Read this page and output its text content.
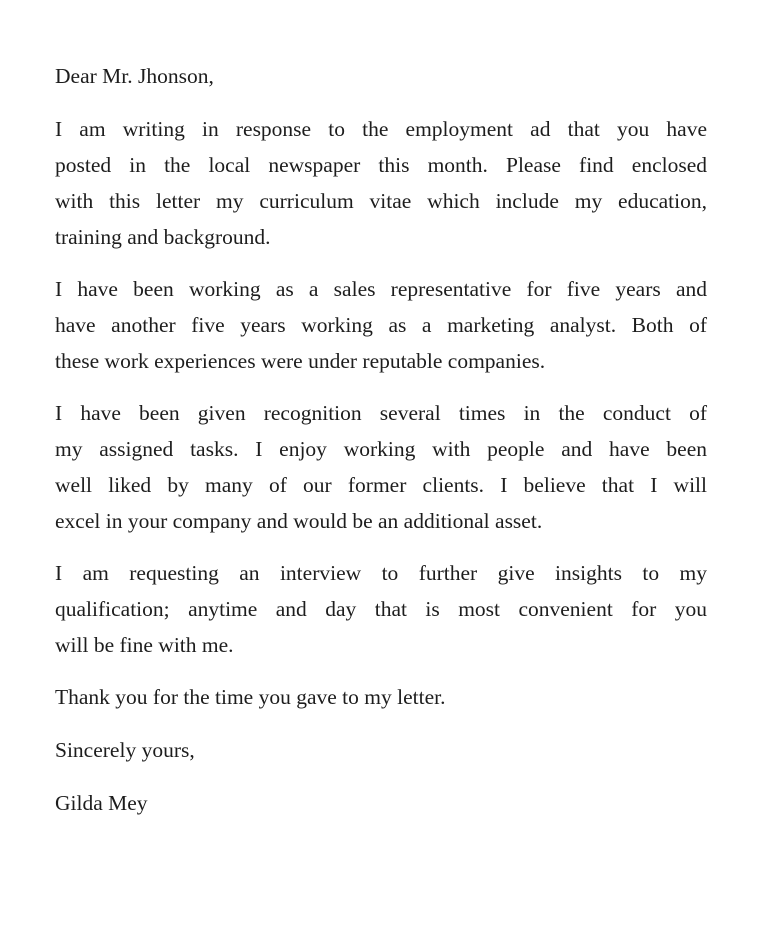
Dear Mr. Jhonson,
I am writing in response to the employment ad that you have
posted in the local newspaper this month. Please find enclosed
with this letter my curriculum vitae which include my education,
training and background.
I have been working as a sales representative for five years and
have another five years working as a marketing analyst. Both of
these work experiences were under reputable companies.
I have been given recognition several times in the conduct of
my assigned tasks. I enjoy working with people and have been
well liked by many of our former clients. I believe that I will
excel in your company and would be an additional asset.
I am requesting an interview to further give insights to my
qualification; anytime and day that is most convenient for you
will be fine with me.
Thank you for the time you gave to my letter.
Sincerely yours,
Gilda Mey
